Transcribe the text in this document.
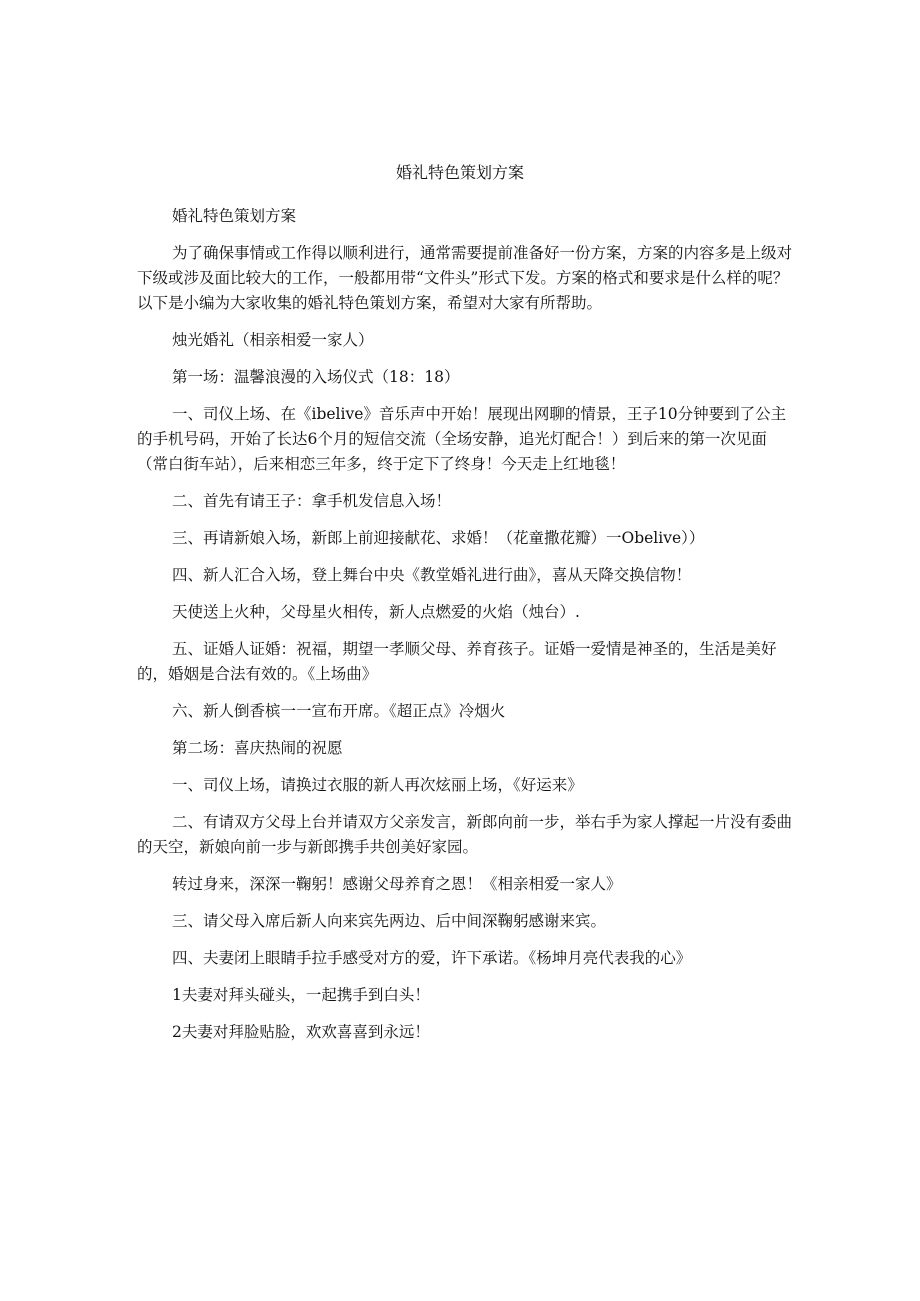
婚礼特色策划方案

婚礼特色策划方案

为了确保事情或工作得以顺利进行，通常需要提前准备好一份方案，方案的内容多是上级对下级或涉及面比较大的工作，一般都用带“文件头”形式下发。方案的格式和要求是什么样的呢？以下是小编为大家收集的婚礼特色策划方案，希望对大家有所帮助。

烛光婚礼（相亲相爱一家人）

第一场：温馨浪漫的入场仪式（18：18）

一、司仪上场、在《ibelive》音乐声中开始！展现出网聊的情景，王子10分钟要到了公主的手机号码，开始了长达6个月的短信交流（全场安静，追光灯配合！）到后来的第一次见面（常白街车站），后来相恋三年多，终于定下了终身！今天走上红地毯！

二、首先有请王子：拿手机发信息入场！

三、再请新娘入场，新郎上前迎接献花、求婚！（花童撒花瓣）一Obelive））

四、新人汇合入场，登上舞台中央《教堂婚礼进行曲》，喜从天降交换信物！

天使送上火种，父母星火相传，新人点燃爱的火焰（烛台）.

五、证婚人证婚：祝福，期望一孝顺父母、养育孩子。证婚一爱情是神圣的，生活是美好的，婚姻是合法有效的。《上场曲》

六、新人倒香槟一一宣布开席。《超正点》冷烟火

第二场：喜庆热闹的祝愿

一、司仪上场，请换过衣服的新人再次炫丽上场，《好运来》

二、有请双方父母上台并请双方父亲发言，新郎向前一步，举右手为家人撑起一片没有委曲的天空，新娘向前一步与新郎携手共创美好家园。

转过身来，深深一鞠躬！感谢父母养育之恩！《相亲相爱一家人》

三、请父母入席后新人向来宾先两边、后中间深鞠躬感谢来宾。

四、夫妻闭上眼睛手拉手感受对方的爱，许下承诺。《杨坤月亮代表我的心》

1夫妻对拜头碰头，一起携手到白头！

2夫妻对拜脸贴脸，欢欢喜喜到永远！
